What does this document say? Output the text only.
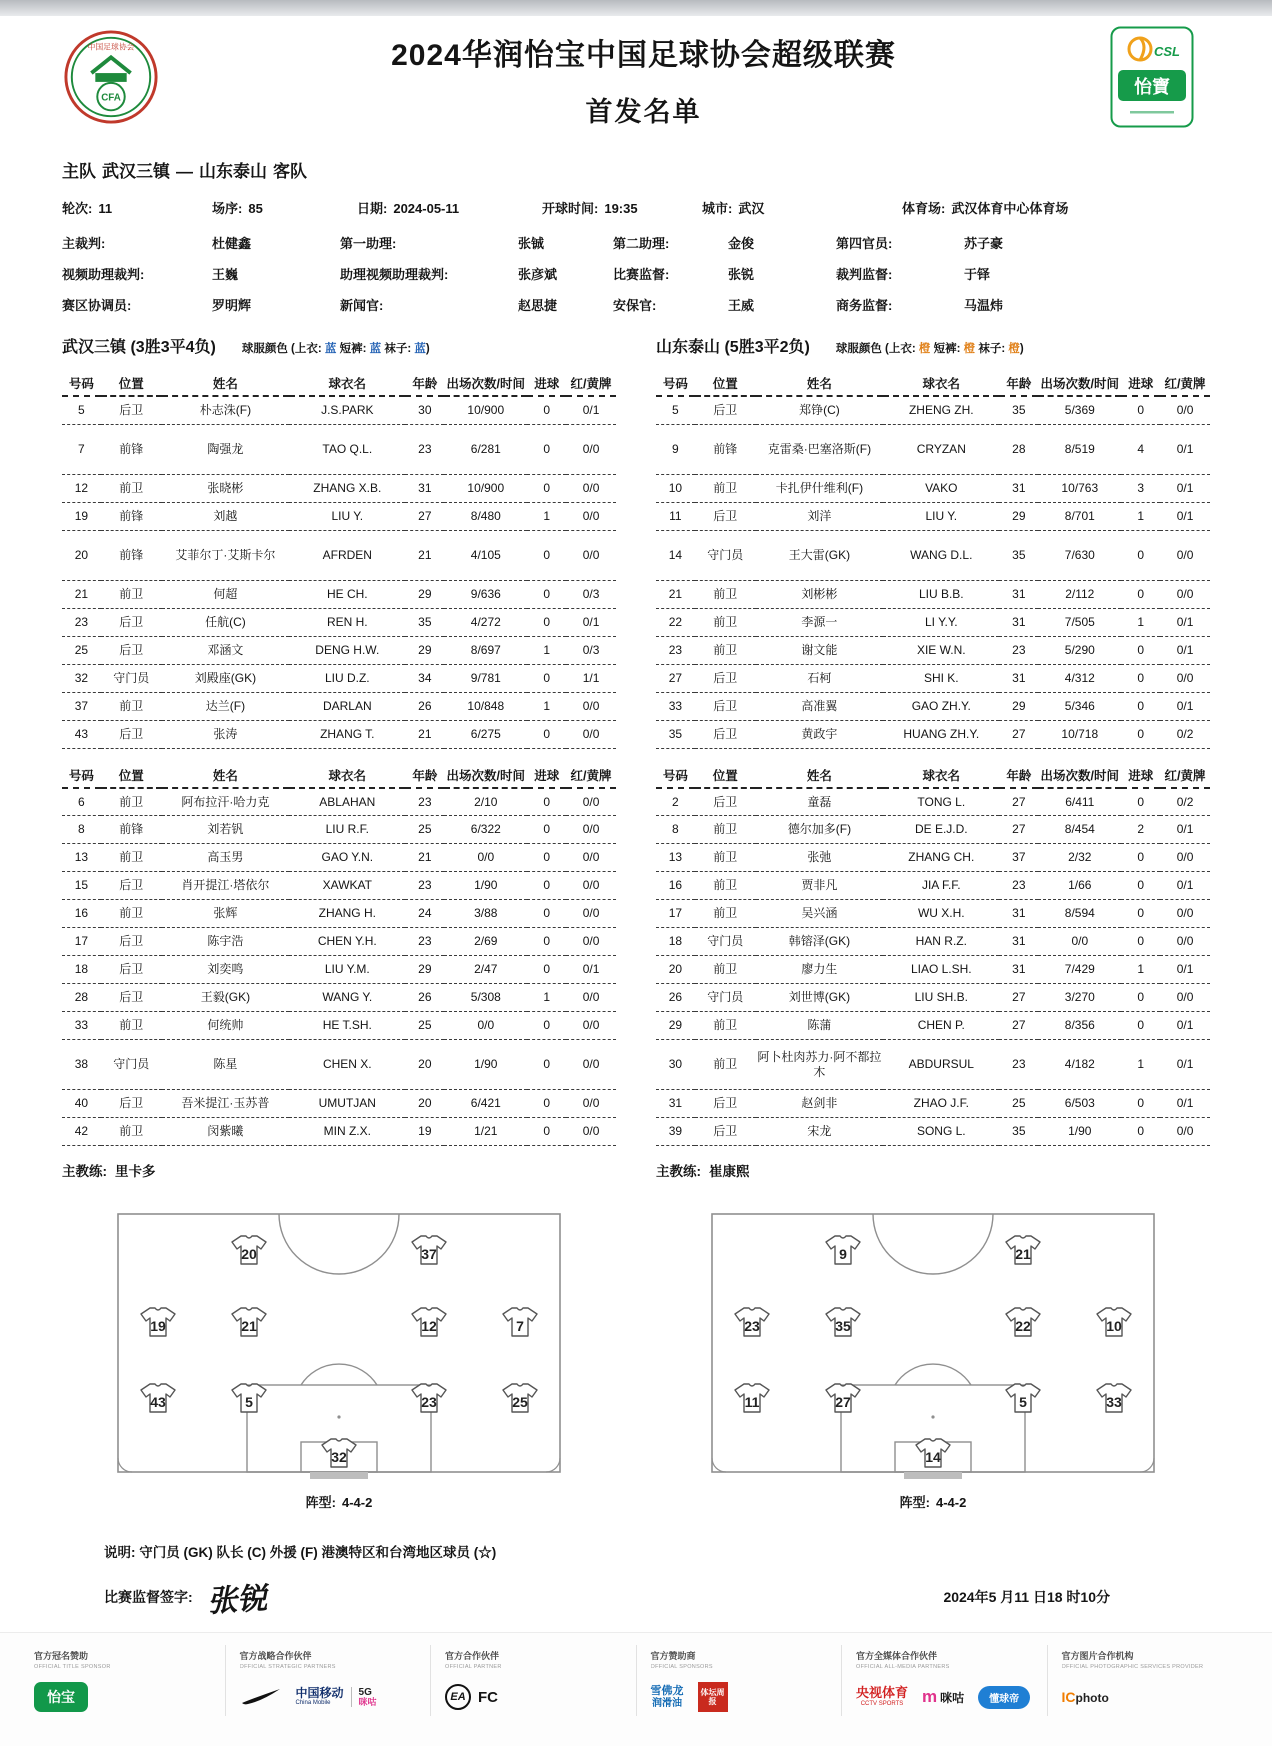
中国足球协会
CFA
2024华润怡宝中国足球协会超级联赛
首发名单
CSL
怡寶
主队 武汉三镇 — 山东泰山 客队
轮次: 11	场序: 85	日期: 2024-05-11	开球时间: 19:35	城市: 武汉	体育场: 武汉体育中心体育场
主裁判:	杜健鑫	第一助理:	张铖	第二助理:	金俊	第四官员:	苏子豪
视频助理裁判:	王巍	助理视频助理裁判:	张彦斌	比赛监督:	张锐	裁判监督:	于铎
赛区协调员:	罗明辉	新闻官:	赵思捷	安保官:	王威	商务监督:	马温炜
武汉三镇 (3胜3平4负) 球服颜色 (上衣: 蓝 短裤: 蓝 袜子: 蓝)
号码	位置	姓名	球衣名	年龄	出场次数/时间	进球	红/黄牌
5	后卫	朴志洙(F)	J.S.PARK	30	10/900	0	0/1
7	前锋	陶强龙	TAO Q.L.	23	6/281	0	0/0
12	前卫	张晓彬	ZHANG X.B.	31	10/900	0	0/0
19	前锋	刘越	LIU Y.	27	8/480	1	0/0
20	前锋	艾菲尔丁·艾斯卡尔	AFRDEN	21	4/105	0	0/0
21	前卫	何超	HE CH.	29	9/636	0	0/3
23	后卫	任航(C)	REN H.	35	4/272	0	0/1
25	后卫	邓涵文	DENG H.W.	29	8/697	1	0/3
32	守门员	刘殿座(GK)	LIU D.Z.	34	9/781	0	1/1
37	前卫	达兰(F)	DARLAN	26	10/848	1	0/0
43	后卫	张涛	ZHANG T.	21	6/275	0	0/0
号码	位置	姓名	球衣名	年龄	出场次数/时间	进球	红/黄牌
6	前卫	阿布拉汗·哈力克	ABLAHAN	23	2/10	0	0/0
8	前锋	刘若钒	LIU R.F.	25	6/322	0	0/0
13	前卫	高玉男	GAO Y.N.	21	0/0	0	0/0
15	后卫	肖开提江·塔依尔	XAWKAT	23	1/90	0	0/0
16	前卫	张辉	ZHANG H.	24	3/88	0	0/0
17	后卫	陈宇浩	CHEN Y.H.	23	2/69	0	0/0
18	后卫	刘奕鸣	LIU Y.M.	29	2/47	0	0/1
28	后卫	王毅(GK)	WANG Y.	26	5/308	1	0/0
33	前卫	何统帅	HE T.SH.	25	0/0	0	0/0
38	守门员	陈星	CHEN X.	20	1/90	0	0/0
40	后卫	吾米提江·玉苏普	UMUTJAN	20	6/421	0	0/0
42	前卫	闵紫曦	MIN Z.X.	19	1/21	0	0/0
主教练: 里卡多
山东泰山 (5胜3平2负) 球服颜色 (上衣: 橙 短裤: 橙 袜子: 橙)
号码	位置	姓名	球衣名	年龄	出场次数/时间	进球	红/黄牌
5	后卫	郑铮(C)	ZHENG ZH.	35	5/369	0	0/0
9	前锋	克雷桑·巴塞洛斯(F)	CRYZAN	28	8/519	4	0/1
10	前卫	卡扎伊什维利(F)	VAKO	31	10/763	3	0/1
11	后卫	刘洋	LIU Y.	29	8/701	1	0/1
14	守门员	王大雷(GK)	WANG D.L.	35	7/630	0	0/0
21	前卫	刘彬彬	LIU B.B.	31	2/112	0	0/0
22	前卫	李源一	LI Y.Y.	31	7/505	1	0/1
23	前卫	谢文能	XIE W.N.	23	5/290	0	0/1
27	后卫	石柯	SHI K.	31	4/312	0	0/0
33	后卫	高准翼	GAO ZH.Y.	29	5/346	0	0/1
35	后卫	黄政宇	HUANG ZH.Y.	27	10/718	0	0/2
号码	位置	姓名	球衣名	年龄	出场次数/时间	进球	红/黄牌
2	后卫	童磊	TONG L.	27	6/411	0	0/2
8	前卫	德尔加多(F)	DE E.J.D.	27	8/454	2	0/1
13	前卫	张弛	ZHANG CH.	37	2/32	0	0/0
16	前卫	贾非凡	JIA F.F.	23	1/66	0	0/1
17	前卫	吴兴涵	WU X.H.	31	8/594	0	0/0
18	守门员	韩镕泽(GK)	HAN R.Z.	31	0/0	0	0/0
20	前卫	廖力生	LIAO L.SH.	31	7/429	1	0/1
26	守门员	刘世博(GK)	LIU SH.B.	27	3/270	0	0/0
29	前卫	陈蒲	CHEN P.	27	8/356	0	0/1
30	前卫	阿卜杜肉苏力·阿不都拉木	ABDURSUL	23	4/182	1	0/1
31	后卫	赵剑非	ZHAO J.F.	25	6/503	0	0/1
39	后卫	宋龙	SONG L.	35	1/90	0	0/0
主教练: 崔康熙
20	37
19	21	12	7
43	5	23	25
32
阵型: 4-4-2
9	21
23	35	22	10
11	27	5	33
14
阵型: 4-4-2
说明: 守门员 (GK) 队长 (C) 外援 (F) 港澳特区和台湾地区球员 (☆)
比赛监督签字: 张锐	2024年5 月11 日18 时10分
官方冠名赞助
OFFICIAL TITLE SPONSOR
怡宝
官方战略合作伙伴
OFFICIAL STRATEGIC PARTNERS
中国移动
China Mobile
5G
咪咕
官方合作伙伴
OFFICIAL PARTNER
EA FC
官方赞助商
OFFICIAL SPONSORS
雪佛龙
润滑油
体坛周报
官方全媒体合作伙伴
OFFICIAL ALL-MEDIA PARTNERS
央视体育
CCTV SPORTS m 咪咕	懂球帝
官方图片合作机构
OFFICIAL PHOTOGRAPHIC SERVICES PROVIDER
IC photo
